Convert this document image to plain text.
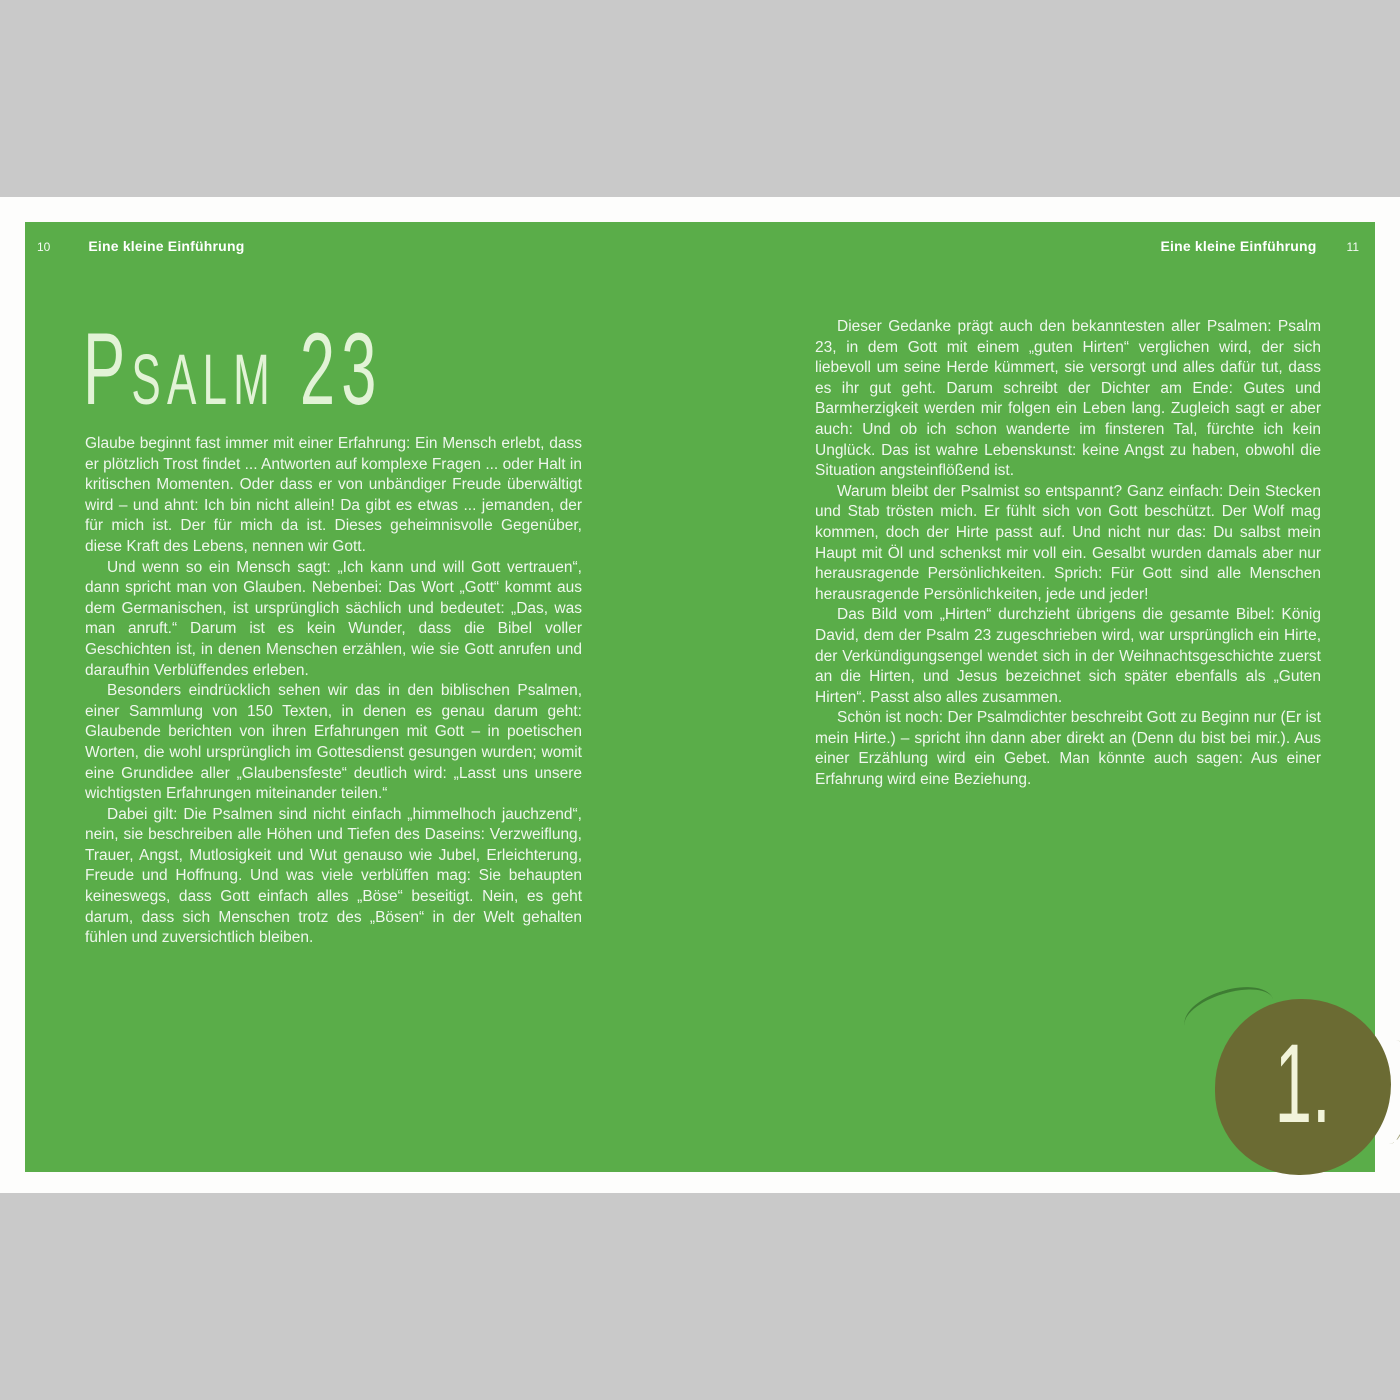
10	Eine kleine Einführung	Eine kleine Einführung	11
Psalm 23

Glaube beginnt fast immer mit einer Erfahrung: Ein Mensch erlebt, dass er plötzlich Trost findet ... Antworten auf komplexe Fragen ... oder Halt in kritischen Momenten. Oder dass er von unbändiger Freude überwältigt wird – und ahnt: Ich bin nicht allein! Da gibt es etwas ... jemanden, der für mich ist. Der für mich da ist. Dieses geheimnisvolle Gegenüber, diese Kraft des Lebens, nennen wir Gott.

Und wenn so ein Mensch sagt: „Ich kann und will Gott vertrauen“, dann spricht man von Glauben. Nebenbei: Das Wort „Gott“ kommt aus dem Germanischen, ist ursprünglich sächlich und bedeutet: „Das, was man anruft.“ Darum ist es kein Wunder, dass die Bibel voller Geschichten ist, in denen Menschen erzählen, wie sie Gott anrufen und daraufhin Verblüffendes erleben.

Besonders eindrücklich sehen wir das in den biblischen Psalmen, einer Sammlung von 150 Texten, in denen es genau darum geht: Glaubende berichten von ihren Erfahrungen mit Gott – in poetischen Worten, die wohl ursprünglich im Gottesdienst gesungen wurden; womit eine Grundidee aller „Glaubensfeste“ deutlich wird: „Lasst uns unsere wichtigsten Erfahrungen miteinander teilen.“

Dabei gilt: Die Psalmen sind nicht einfach „himmelhoch jauchzend“, nein, sie beschreiben alle Höhen und Tiefen des Daseins: Verzweiflung, Trauer, Angst, Mutlosigkeit und Wut genauso wie Jubel, Erleichterung, Freude und Hoffnung. Und was viele verblüffen mag: Sie behaupten keineswegs, dass Gott einfach alles „Böse“ beseitigt. Nein, es geht darum, dass sich Menschen trotz des „Bösen“ in der Welt gehalten fühlen und zuversichtlich bleiben.

Dieser Gedanke prägt auch den bekanntesten aller Psalmen: Psalm 23, in dem Gott mit einem „guten Hirten“ verglichen wird, der sich liebevoll um seine Herde kümmert, sie versorgt und alles dafür tut, dass es ihr gut geht. Darum schreibt der Dichter am Ende: Gutes und Barmherzigkeit werden mir folgen ein Leben lang. Zugleich sagt er aber auch: Und ob ich schon wanderte im finsteren Tal, fürchte ich kein Unglück. Das ist wahre Lebenskunst: keine Angst zu haben, obwohl die Situation angsteinflößend ist.

Warum bleibt der Psalmist so entspannt? Ganz einfach: Dein Stecken und Stab trösten mich. Er fühlt sich von Gott beschützt. Der Wolf mag kommen, doch der Hirte passt auf. Und nicht nur das: Du salbst mein Haupt mit Öl und schenkst mir voll ein. Gesalbt wurden damals aber nur herausragende Persönlichkeiten. Sprich: Für Gott sind alle Menschen herausragende Persönlichkeiten, jede und jeder!

Das Bild vom „Hirten“ durchzieht übrigens die gesamte Bibel: König David, dem der Psalm 23 zugeschrieben wird, war ursprünglich ein Hirte, der Verkündigungsengel wendet sich in der Weihnachtsgeschichte zuerst an die Hirten, und Jesus bezeichnet sich später ebenfalls als „Guten Hirten“. Passt also alles zusammen.

Schön ist noch: Der Psalmdichter beschreibt Gott zu Beginn nur (Er ist mein Hirte.) – spricht ihn dann aber direkt an (Denn du bist bei mir.). Aus einer Erzählung wird ein Gebet. Man könnte auch sagen: Aus einer Erfahrung wird eine Beziehung.

1.
